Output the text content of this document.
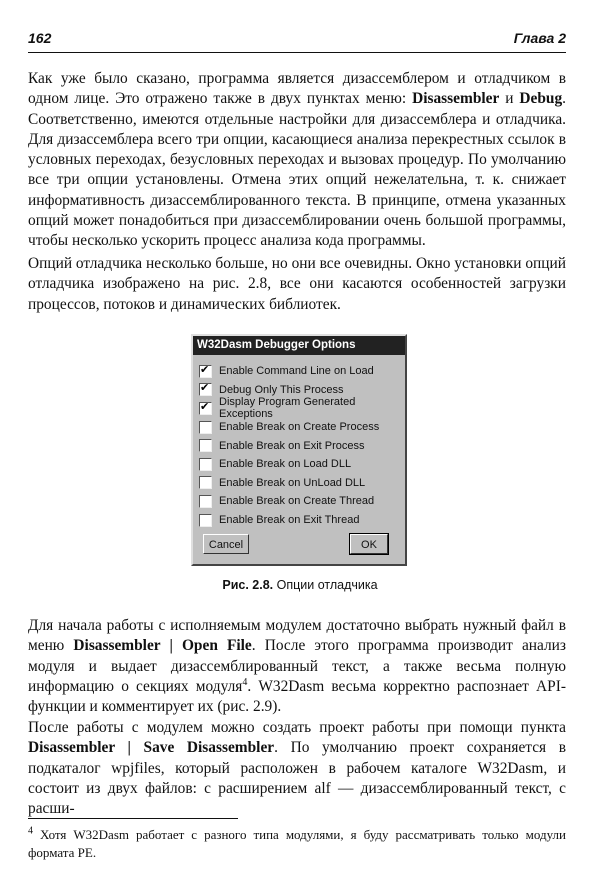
162	Глава 2

Как уже было сказано, программа является дизассемблером и отладчиком в одном лице. Это отражено также в двух пунктах меню: Disassembler и Debug. Соответственно, имеются отдельные настройки для дизассемблера и отладчика. Для дизассемблера всего три опции, касающиеся анализа перекрестных ссылок в условных переходах, безусловных переходах и вызовах процедур. По умолчанию все три опции установлены. Отмена этих опций нежелательна, т. к. снижает информативность дизассемблированного текста. В принципе, отмена указанных опций может понадобиться при дизассемблировании очень большой программы, чтобы несколько ускорить процесс анализа кода программы.

Опций отладчика несколько больше, но они все очевидны. Окно установки опций отладчика изображено на рис. 2.8, все они касаются особенностей загрузки процессов, потоков и динамических библиотек.

W32Dasm Debugger Options
✔
Enable Command Line on Load
✔
Debug Only This Process
✔
Display Program Generated Exceptions
Enable Break on Create Process
Enable Break on Exit Process
Enable Break on Load DLL
Enable Break on UnLoad DLL
Enable Break on Create Thread
Enable Break on Exit Thread
Cancel	OK
Рис. 2.8. Опции отладчика

Для начала работы с исполняемым модулем достаточно выбрать нужный файл в меню Disassembler | Open File. После этого программа производит анализ модуля и выдает дизассемблированный текст, а также весьма полную информацию о секциях модуля$^4$. W32Dasm весьма корректно распознает API-функции и комментирует их (рис. 2.9).

После работы с модулем можно создать проект работы при помощи пункта Disassembler | Save Disassembler. По умолчанию проект сохраняется в подкаталог wpjfiles, который расположен в рабочем каталоге W32Dasm, и состоит из двух файлов: с расширением alf — дизассемблированный текст, с расши-

$^4$ Хотя W32Dasm работает с разного типа модулями, я буду рассматривать только модули формата PE.
